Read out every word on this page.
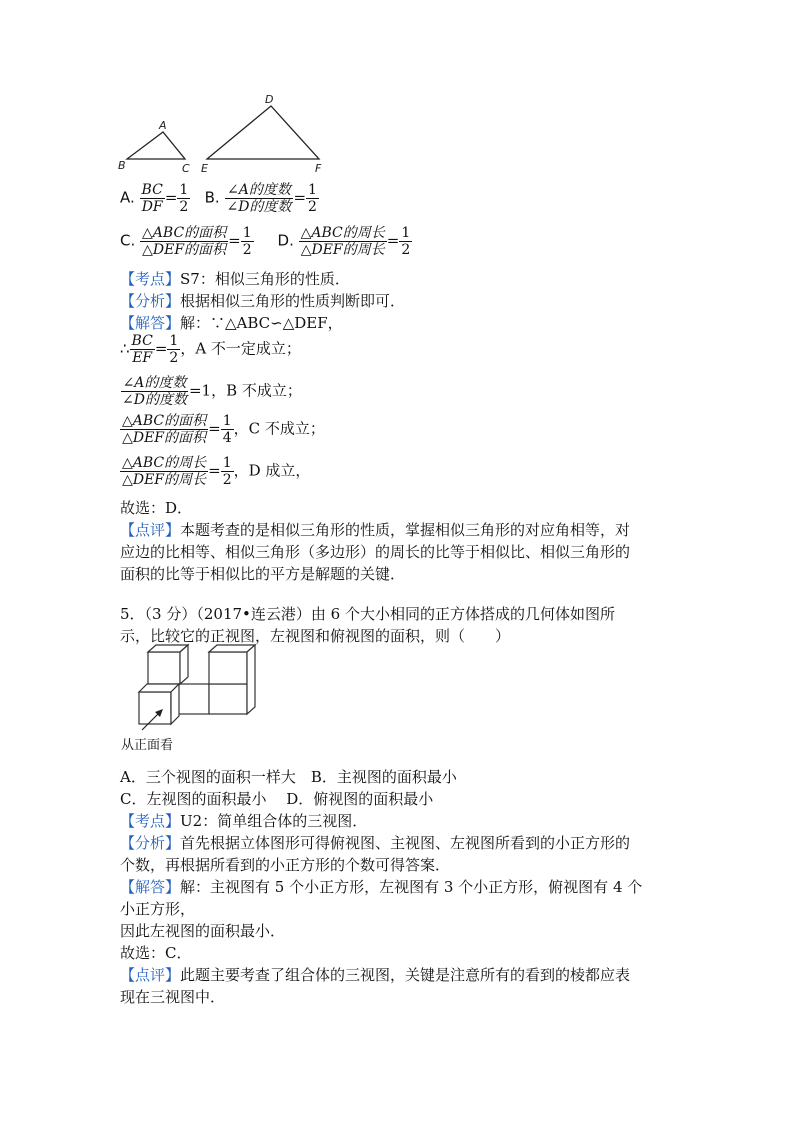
A
B	C
D
E	F
A. $\frac{BC}{DF} = \frac{1}{2} B$. $\frac{\text{∠A的度数}}{\text{∠D的度数}} = \frac{1}{2}$
C. $\frac{\text{△ABC的面积}}{\text{△DEF的面积}} = \frac{1}{2} D$. $\frac{\text{△ABC的周长}}{\text{△DEF的周长}} = \frac{1}{2}$
【考点】S7：相似三角形的性质．
【分析】根据相似三角形的性质判断即可．
【解答】解：∵△ABC∽△DEF，
∴ $\frac{BC}{EF} = \frac{1}{2}$ ，A 不一定成立；
$\frac{\text{∠A的度数}}{\text{∠D的度数}} =1$，B 不成立；
$\frac{\text{△ABC的面积}}{\text{△DEF的面积}} = \frac{1}{4}$ ，C 不成立；
$\frac{\text{△ABC的周长}}{\text{△DEF的周长}} = \frac{1}{2}$ ，D 成立，
故选：D．
【点评】本题考查的是相似三角形的性质，掌握相似三角形的对应角相等，对
应边的比相等、相似三角形（多边形）的周长的比等于相似比、相似三角形的
面积的比等于相似比的平方是解题的关键．
5．（3 分）（2017•连云港）由 6 个大小相同的正方体搭成的几何体如图所
示，比较它的正视图，左视图和俯视图的面积，则（　　）
从正面看
A．三个视图的面积一样大　B．主视图的面积最小
C．左视图的面积最小　 D．俯视图的面积最小
【考点】U2：简单组合体的三视图．
【分析】首先根据立体图形可得俯视图、主视图、左视图所看到的小正方形的
个数，再根据所看到的小正方形的个数可得答案．
【解答】解：主视图有 5 个小正方形，左视图有 3 个小正方形，俯视图有 4 个
小正方形，
因此左视图的面积最小．
故选：C．
【点评】此题主要考查了组合体的三视图，关键是注意所有的看到的棱都应表
现在三视图中．
